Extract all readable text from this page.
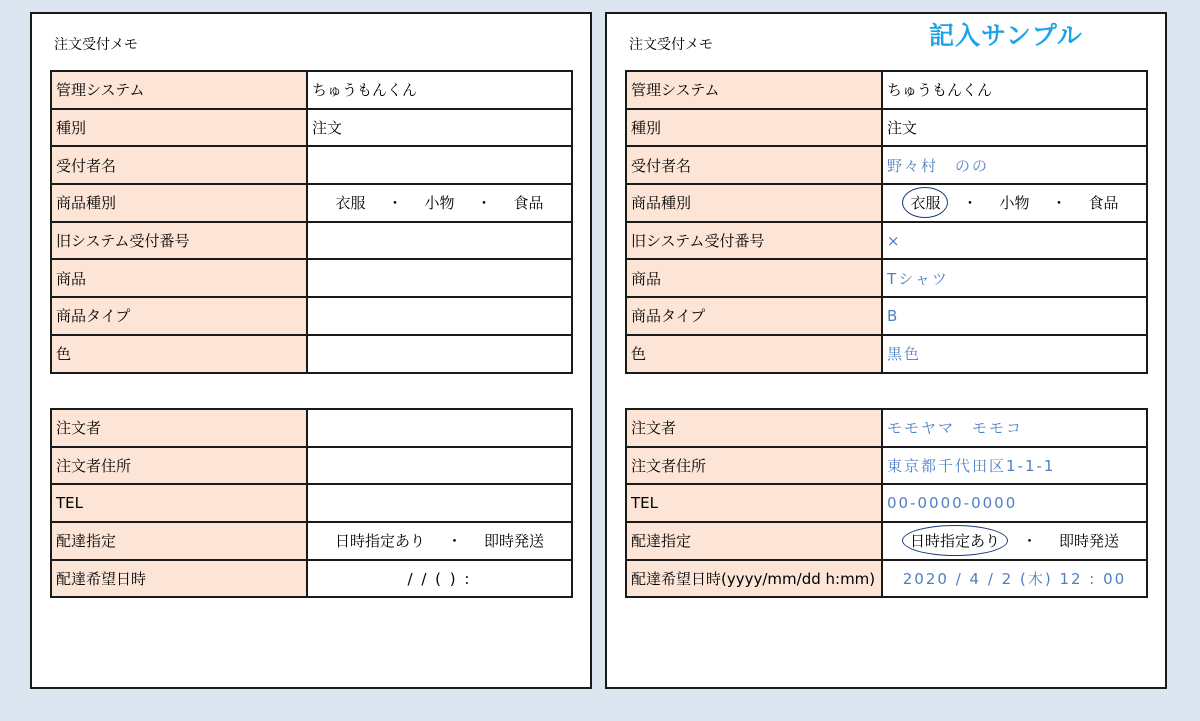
注文受付メモ
管理システム	ちゅうもんくん
種別	注文
受付者名	
商品種別	衣服 ・ 小物 ・ 食品
旧システム受付番号	
商品	
商品タイプ	
色	
注文者	
注文者住所	
TEL	
配達指定	日時指定あり ・ 即時発送
配達希望日時	/ / ( ) :
注文受付メモ	記入サンプル
管理システム	ちゅうもんくん
種別	注文
受付者名	野々村　のの
商品種別	衣服 ・ 小物 ・ 食品
旧システム受付番号	×
商品	Tシャツ
商品タイプ	B
色	黒色
注文者	モモヤマ　モモコ
注文者住所	東京都千代田区1-1-1
TEL	00-0000-0000
配達指定	日時指定あり ・ 即時発送
配達希望日時(yyyy/mm/dd h:mm)	2020 / 4 / 2 (木) 12 : 00
